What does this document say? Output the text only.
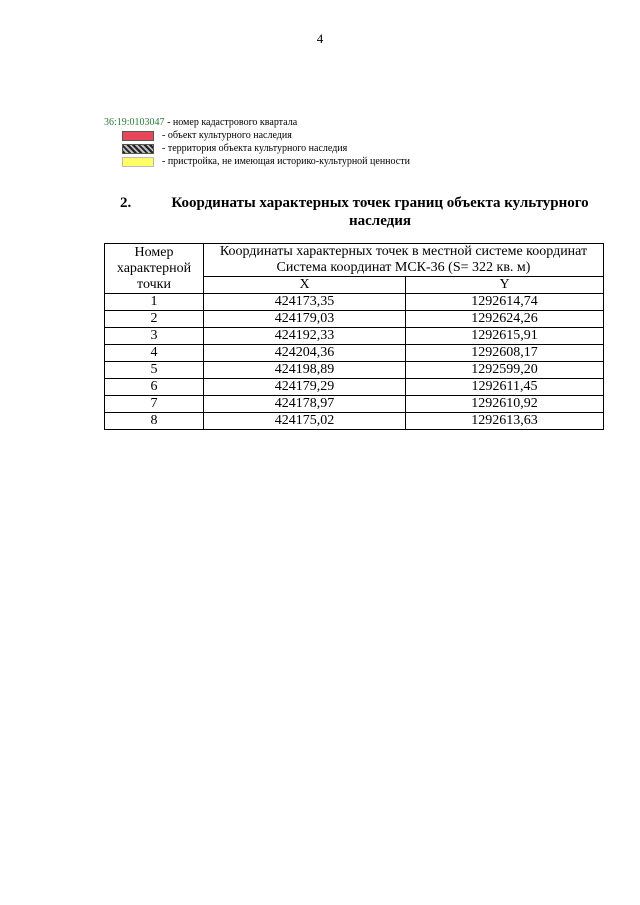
4
36:19:0103047 - номер кадастрового квартала
- объект культурного наследия
- территория объекта культурного наследия
- пристройка, не имеющая историко-культурной ценности
2.	Координаты характерных точек границ объекта культурного наследия
Номер характерной точки	Координаты характерных точек в местной системе координат
Система координат МСК-36 (S= 322 кв. м)	

	X	Y
1	424173,35	1292614,74
2	424179,03	1292624,26
3	424192,33	1292615,91
4	424204,36	1292608,17
5	424198,89	1292599,20
6	424179,29	1292611,45
7	424178,97	1292610,92
8	424175,02	1292613,63
